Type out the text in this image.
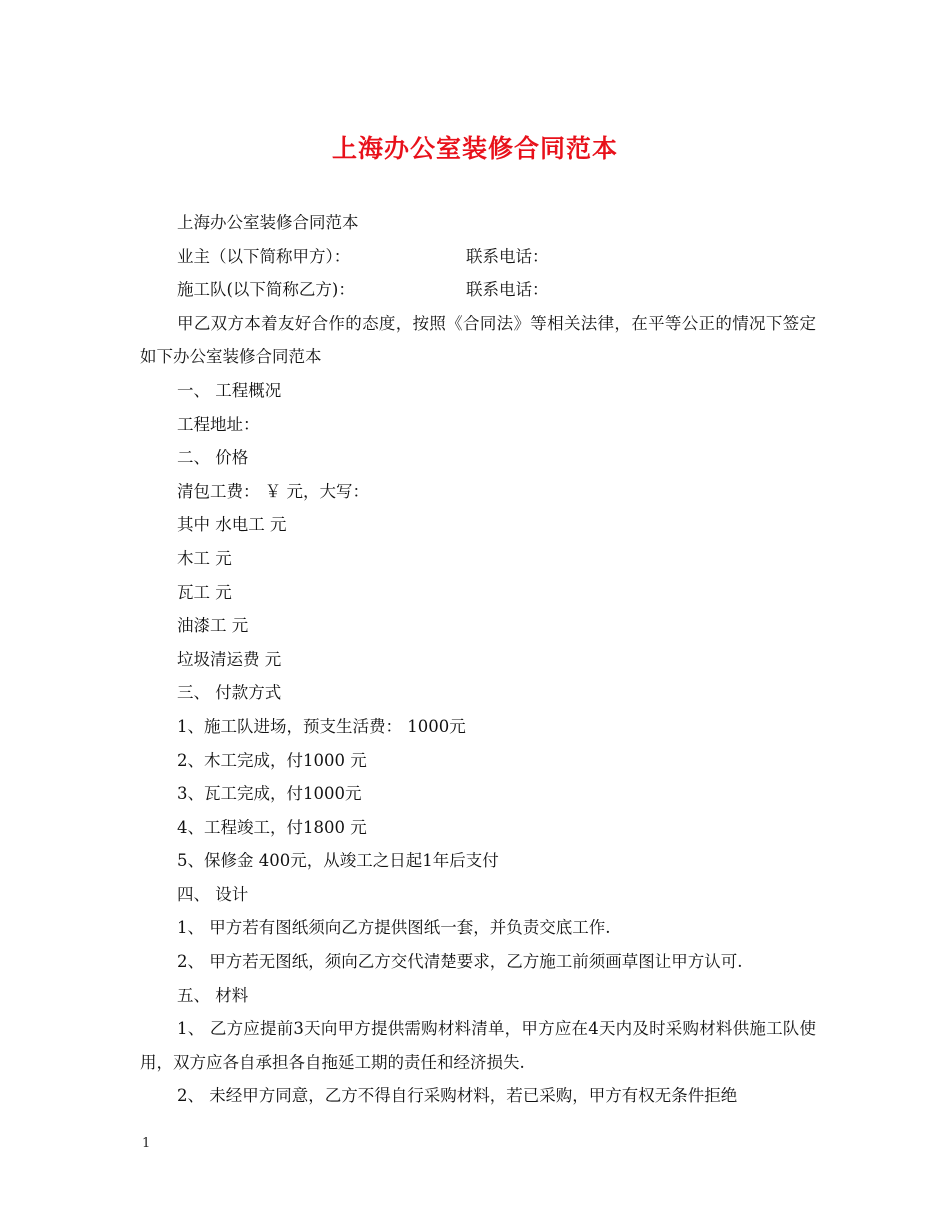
上海办公室装修合同范本

上海办公室装修合同范本

业主（以下简称甲方）：	联系电话：

施工队(以下简称乙方)：	联系电话：

甲乙双方本着友好合作的态度，按照《合同法》等相关法律，在平等公正的情况下签定如下办公室装修合同范本

一、 工程概况

工程地址：

二、 价格

清包工费： ￥ 元，大写：

其中 水电工 元

木工 元

瓦工 元

油漆工 元

垃圾清运费 元

三、 付款方式

1、施工队进场，预支生活费： 1000元

2、木工完成，付1000 元

3、瓦工完成，付1000元

4、工程竣工，付1800 元

5、保修金 400元，从竣工之日起1年后支付

四、 设计

1、 甲方若有图纸须向乙方提供图纸一套，并负责交底工作.

2、 甲方若无图纸，须向乙方交代清楚要求，乙方施工前须画草图让甲方认可.

五、 材料

1、 乙方应提前3天向甲方提供需购材料清单，甲方应在4天内及时采购材料供施工队使用，双方应各自承担各自拖延工期的责任和经济损失.

2、 未经甲方同意，乙方不得自行采购材料，若已采购，甲方有权无条件拒绝

1
